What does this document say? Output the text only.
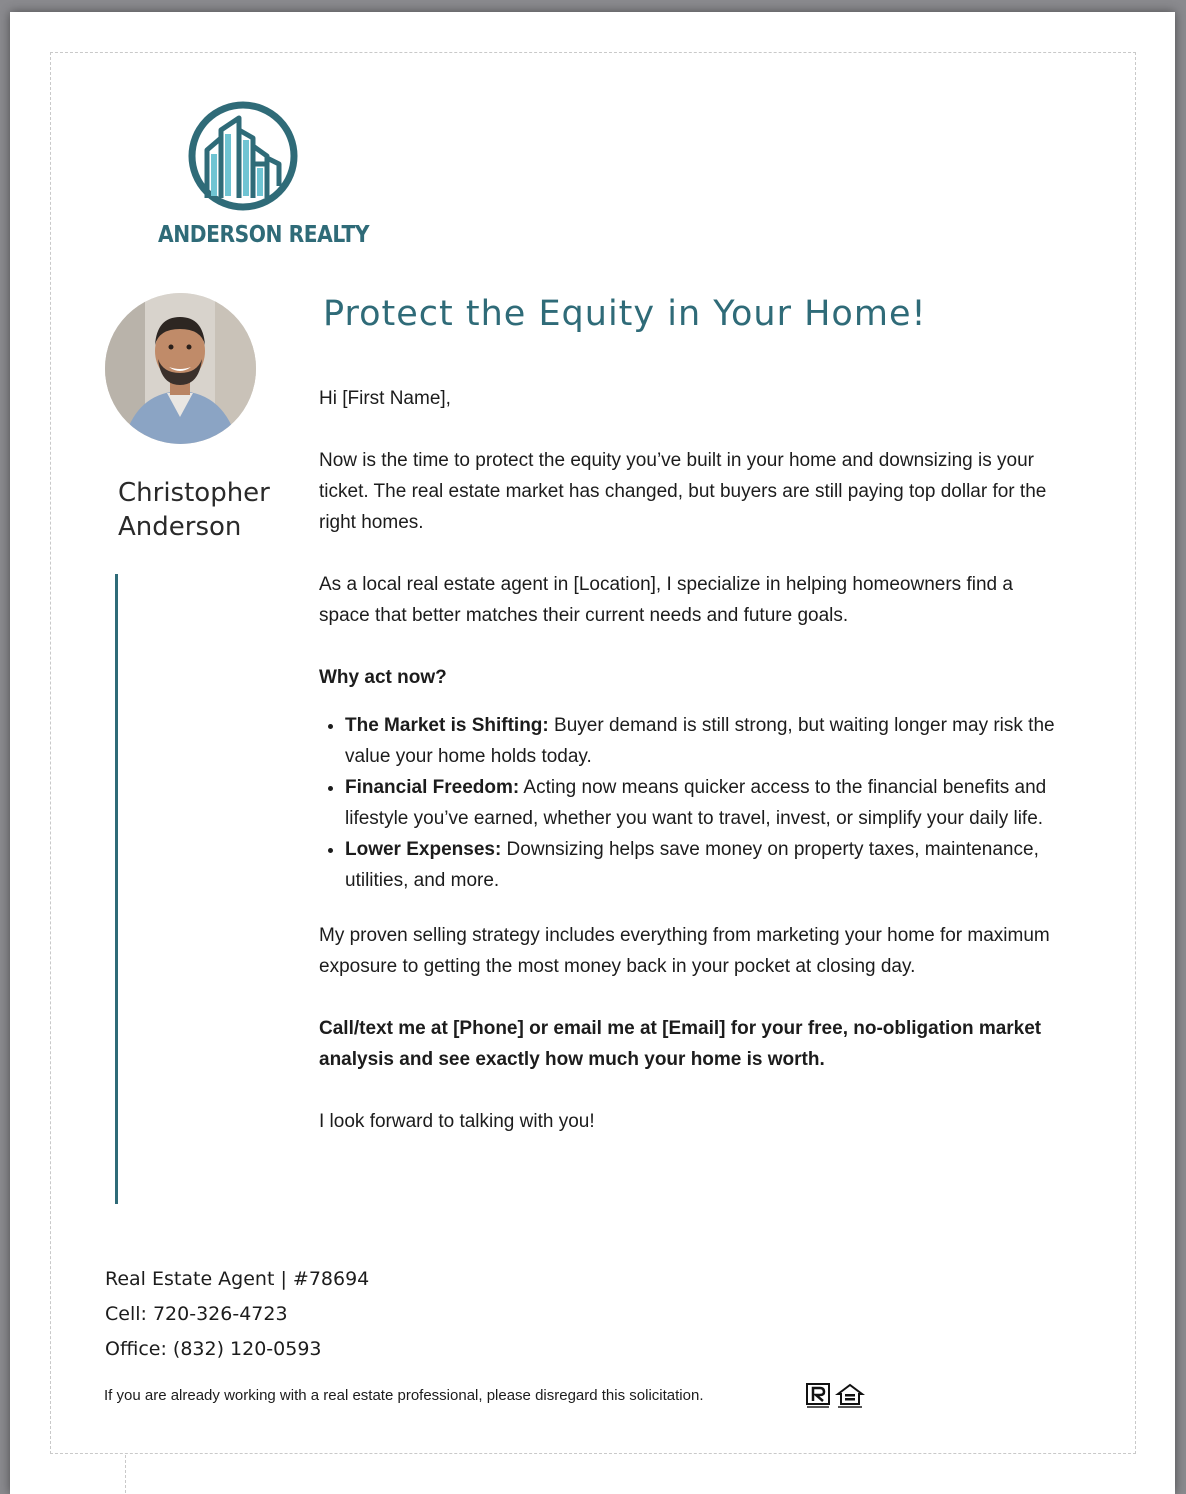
ANDERSON REALTY
Christopher Anderson
Protect the Equity in Your Home!

Hi [First Name],

Now is the time to protect the equity you’ve built in your home and downsizing is your ticket. The real estate market has changed, but buyers are still paying top dollar for the right homes.

As a local real estate agent in [Location], I specialize in helping homeowners find a space that better matches their current needs and future goals.

Why act now?

• The Market is Shifting: Buyer demand is still strong, but waiting longer may risk the value your home holds today.
• Financial Freedom: Acting now means quicker access to the financial benefits and lifestyle you’ve earned, whether you want to travel, invest, or simplify your daily life.
• Lower Expenses: Downsizing helps save money on property taxes, maintenance, utilities, and more.

My proven selling strategy includes everything from marketing your home for maximum exposure to getting the most money back in your pocket at closing day.

Call/text me at [Phone] or email me at [Email] for your free, no-obligation market analysis and see exactly how much your home is worth.

I look forward to talking with you!

Real Estate Agent | #78694
Cell: 720-326-4723
Office: (832) 120-0593
If you are already working with a real estate professional, please disregard this solicitation.
